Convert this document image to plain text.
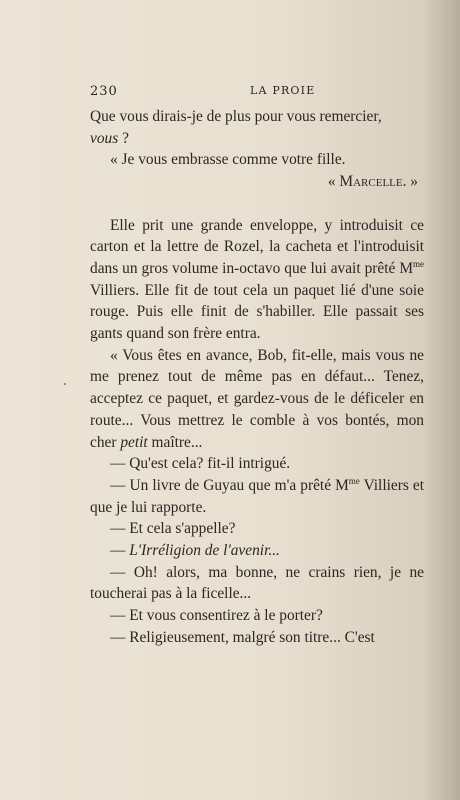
230	LA PROIE

Que vous dirais-je de plus pour vous remercier,

vous ?

« Je vous embrasse comme votre fille.

« Marcelle. »

Elle prit une grande enveloppe, y introduisit ce carton et la lettre de Rozel, la cacheta et l'introduisit dans un gros volume in-octavo que lui avait prêté $M^{me}$ Villiers. Elle fit de tout cela un paquet lié d'une soie rouge. Puis elle finit de s'habiller. Elle passait ses gants quand son frère entra.

« Vous êtes en avance, Bob, fit-elle, mais vous ne me prenez tout de même pas en défaut... Tenez, acceptez ce paquet, et gardez-vous de le déficeler en route... Vous mettrez le comble à vos bontés, mon cher petit maître...

— Qu'est cela? fit-il intrigué.

— Un livre de Guyau que m'a prêté $M^{me}$ Villiers et que je lui rapporte.

— Et cela s'appelle?

— L'Irréligion de l'avenir...

— Oh! alors, ma bonne, ne crains rien, je ne toucherai pas à la ficelle...

— Et vous consentirez à le porter?

— Religieusement, malgré son titre... C'est
